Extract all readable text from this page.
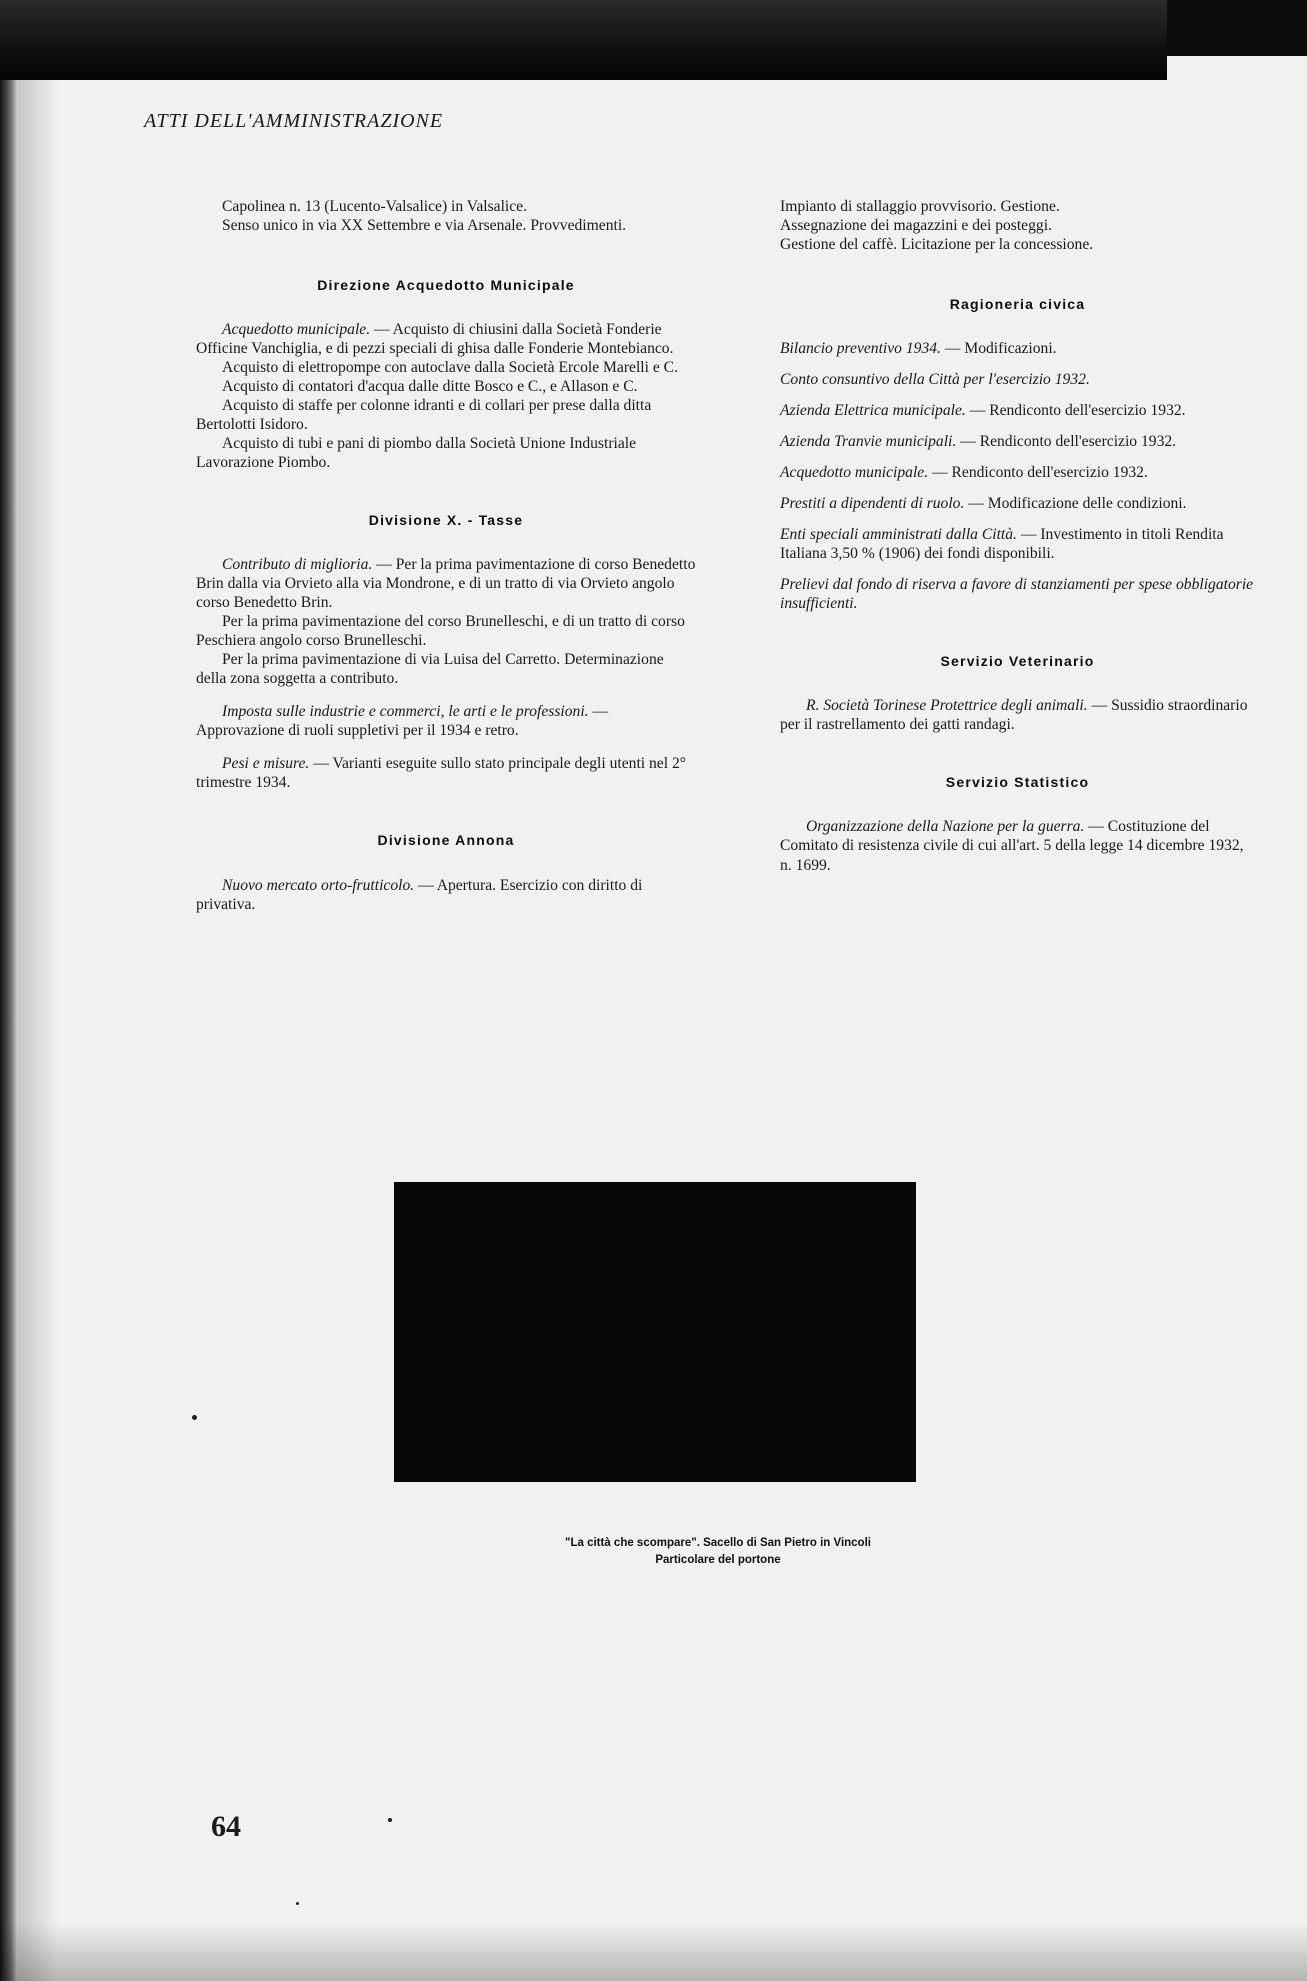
ATTI DELL'AMMINISTRAZIONE

Capolinea n. 13 (Lucento-Valsalice) in Valsalice.

Senso unico in via XX Settembre e via Arsenale. Provvedimenti.

Direzione Acquedotto Municipale

Acquedotto municipale. — Acquisto di chiusini dalla Società Fonderie Officine Vanchiglia, e di pezzi speciali di ghisa dalle Fonderie Montebianco.

Acquisto di elettropompe con autoclave dalla Società Ercole Marelli e C.

Acquisto di contatori d'acqua dalle ditte Bosco e C., e Allason e C.

Acquisto di staffe per colonne idranti e di collari per prese dalla ditta Bertolotti Isidoro.

Acquisto di tubi e pani di piombo dalla Società Unione Industriale Lavorazione Piombo.

Divisione X. - Tasse

Contributo di miglioria. — Per la prima pavimentazione di corso Benedetto Brin dalla via Orvieto alla via Mondrone, e di un tratto di via Orvieto angolo corso Benedetto Brin.

Per la prima pavimentazione del corso Brunelleschi, e di un tratto di corso Peschiera angolo corso Brunelleschi.

Per la prima pavimentazione di via Luisa del Carretto. Determinazione della zona soggetta a contributo.

Imposta sulle industrie e commerci, le arti e le professioni. — Approvazione di ruoli suppletivi per il 1934 e retro.

Pesi e misure. — Varianti eseguite sullo stato principale degli utenti nel 2° trimestre 1934.

Divisione Annona

Nuovo mercato orto-frutticolo. — Apertura. Esercizio con diritto di privativa.

Impianto di stallaggio provvisorio. Gestione.

Assegnazione dei magazzini e dei posteggi.

Gestione del caffè. Licitazione per la concessione.

Ragioneria civica

Bilancio preventivo 1934. — Modificazioni.

Conto consuntivo della Città per l'esercizio 1932.

Azienda Elettrica municipale. — Rendiconto dell'esercizio 1932.

Azienda Tranvie municipali. — Rendiconto dell'esercizio 1932.

Acquedotto municipale. — Rendiconto dell'esercizio 1932.

Prestiti a dipendenti di ruolo. — Modificazione delle condizioni.

Enti speciali amministrati dalla Città. — Investimento in titoli Rendita Italiana 3,50 % (1906) dei fondi disponibili.

Prelievi dal fondo di riserva a favore di stanziamenti per spese obbligatorie insufficienti.

Servizio Veterinario

R. Società Torinese Protettrice degli animali. — Sussidio straordinario per il rastrellamento dei gatti randagi.

Servizio Statistico

Organizzazione della Nazione per la guerra. — Costituzione del Comitato di resistenza civile di cui all'art. 5 della legge 14 dicembre 1932, n. 1699.

"La città che scompare". Sacello di San Pietro in Vincoli

Particolare del portone

64
